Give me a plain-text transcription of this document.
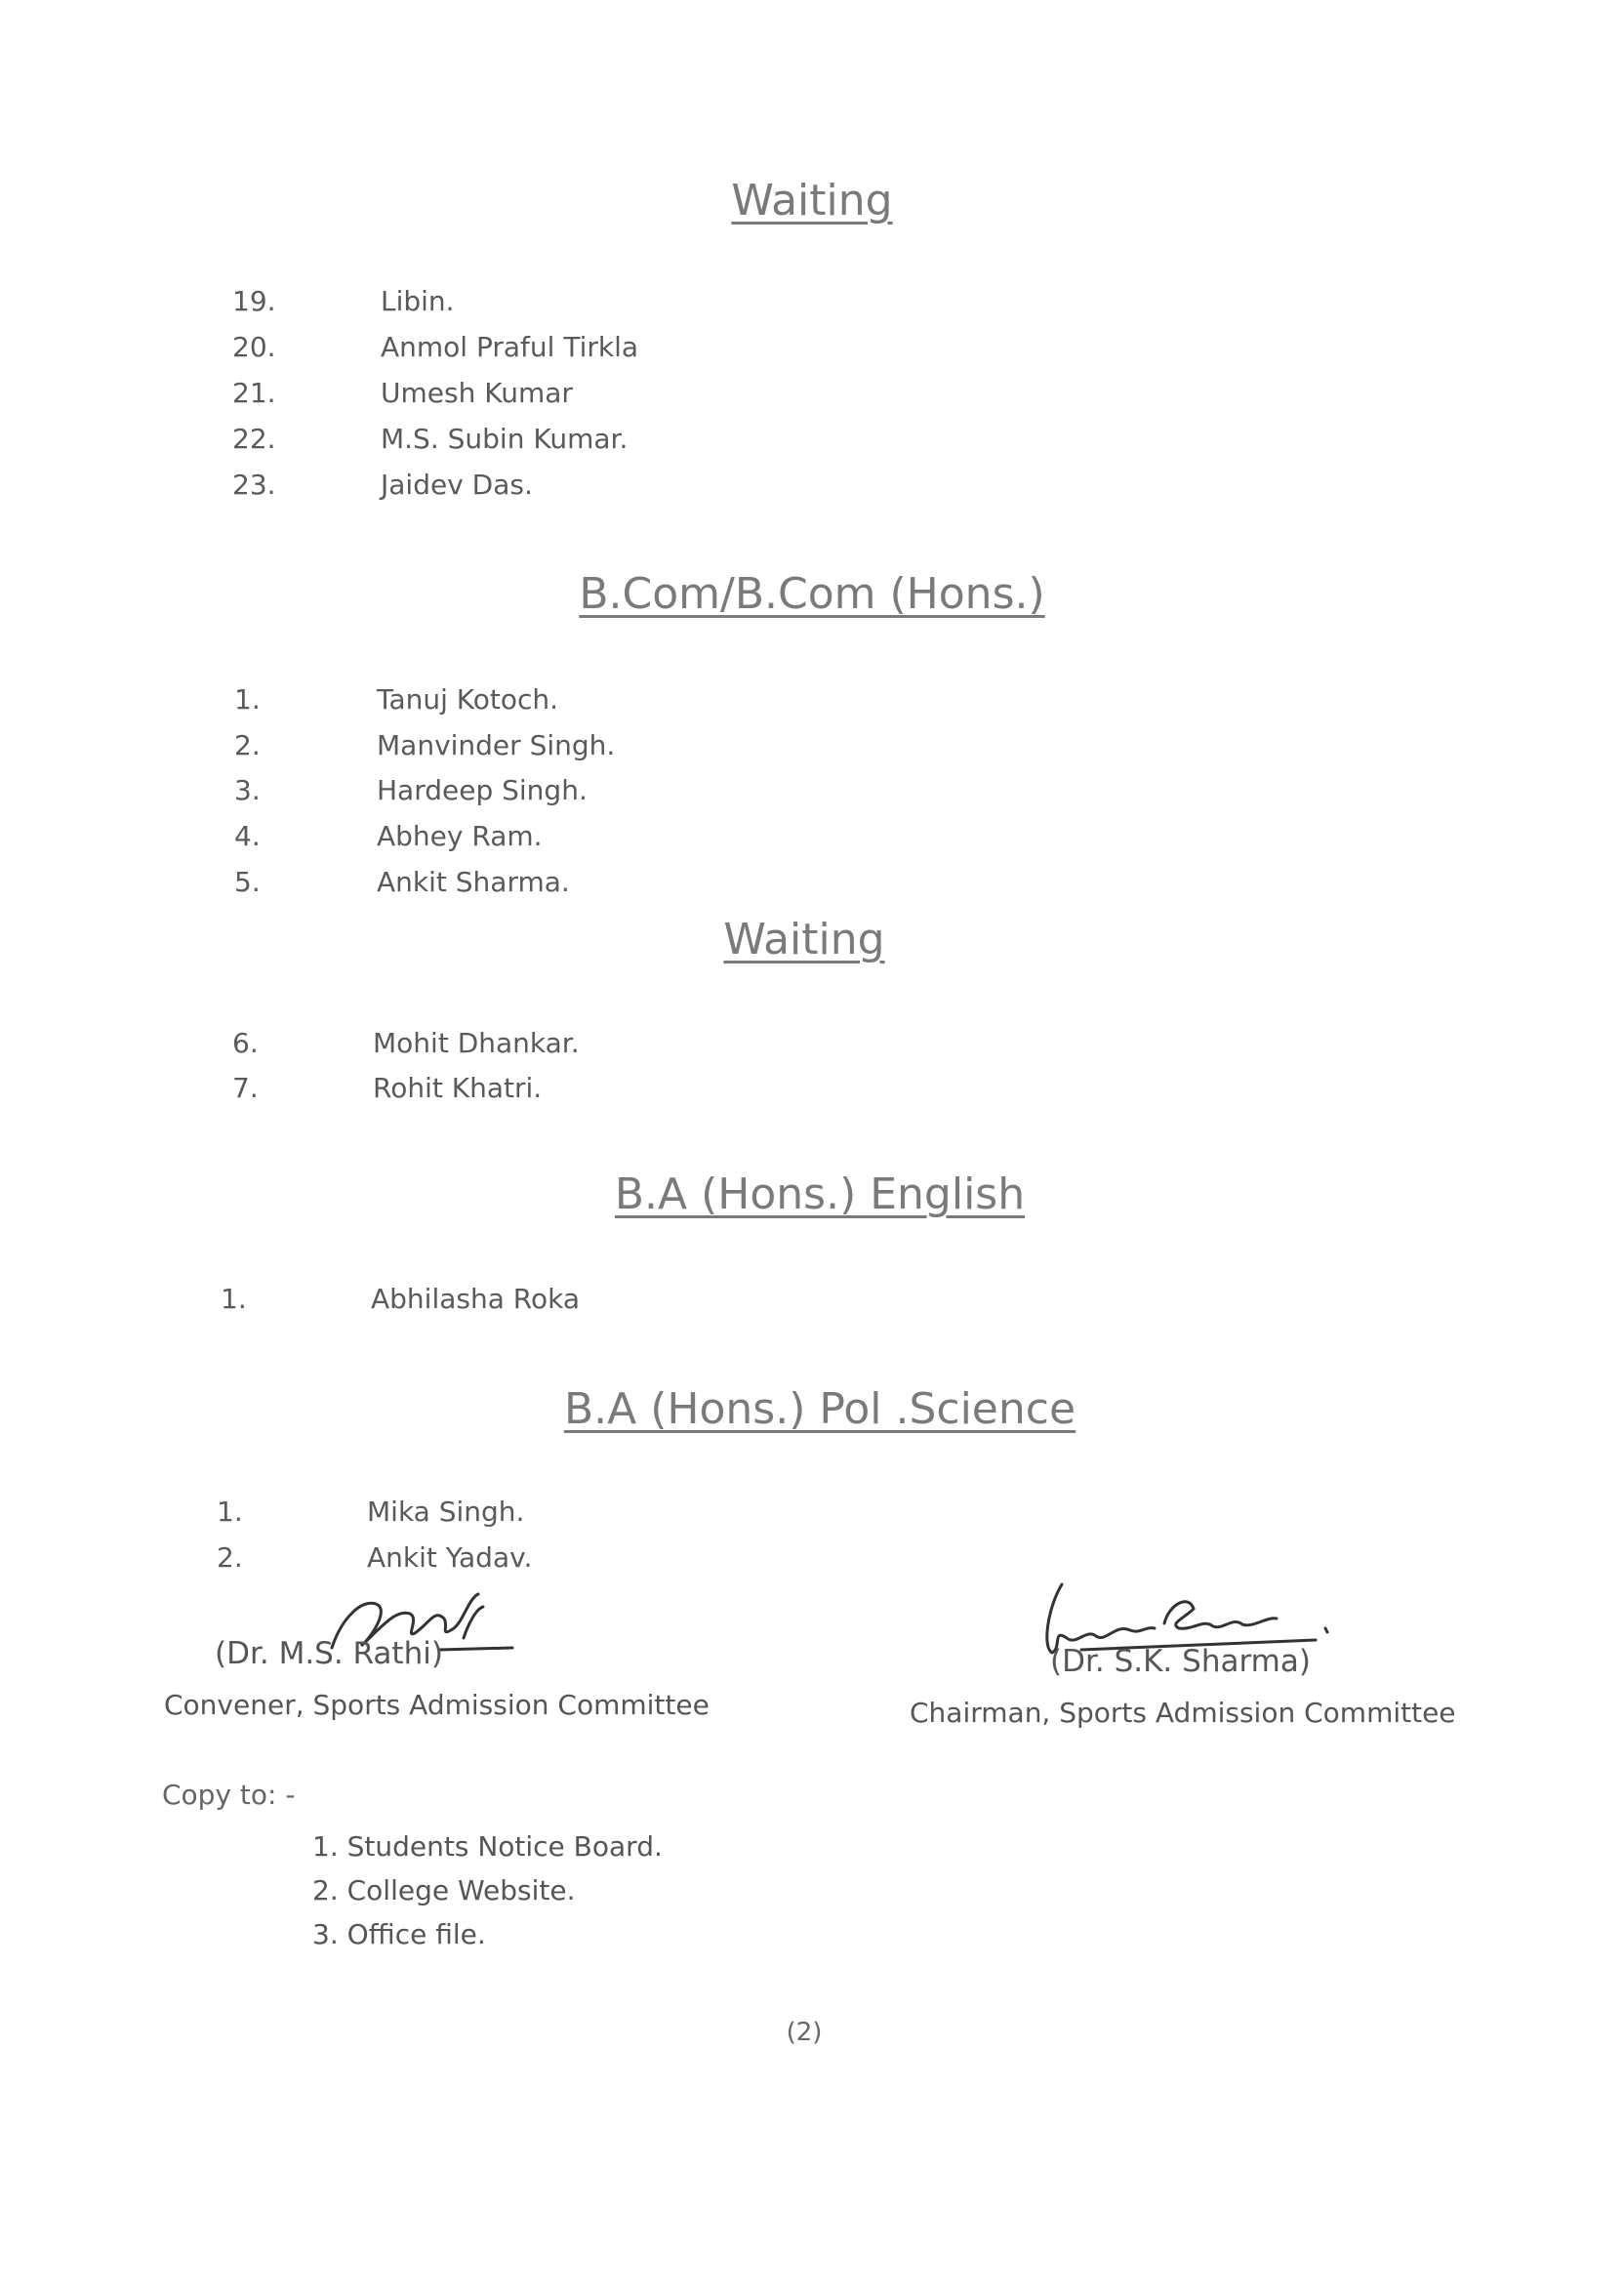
Waiting
19.	Libin.
20.	Anmol Praful Tirkla
21.	Umesh Kumar
22.	M.S. Subin Kumar.
23.	Jaidev Das.
B.Com/B.Com (Hons.)
1.	Tanuj Kotoch.
2.	Manvinder Singh.
3.	Hardeep Singh.
4.	Abhey Ram.
5.	Ankit Sharma.
Waiting
6.	Mohit Dhankar.
7.	Rohit Khatri.
B.A (Hons.) English
1.	Abhilasha Roka
B.A (Hons.) Pol .Science
1.	Mika Singh.
2.	Ankit Yadav.
(Dr. M.S. Rathi)
Convener, Sports Admission Committee
(Dr. S.K. Sharma)
Chairman, Sports Admission Committee
Copy to: -
1. Students Notice Board.
2. College Website.
3. Office file.
(2)
